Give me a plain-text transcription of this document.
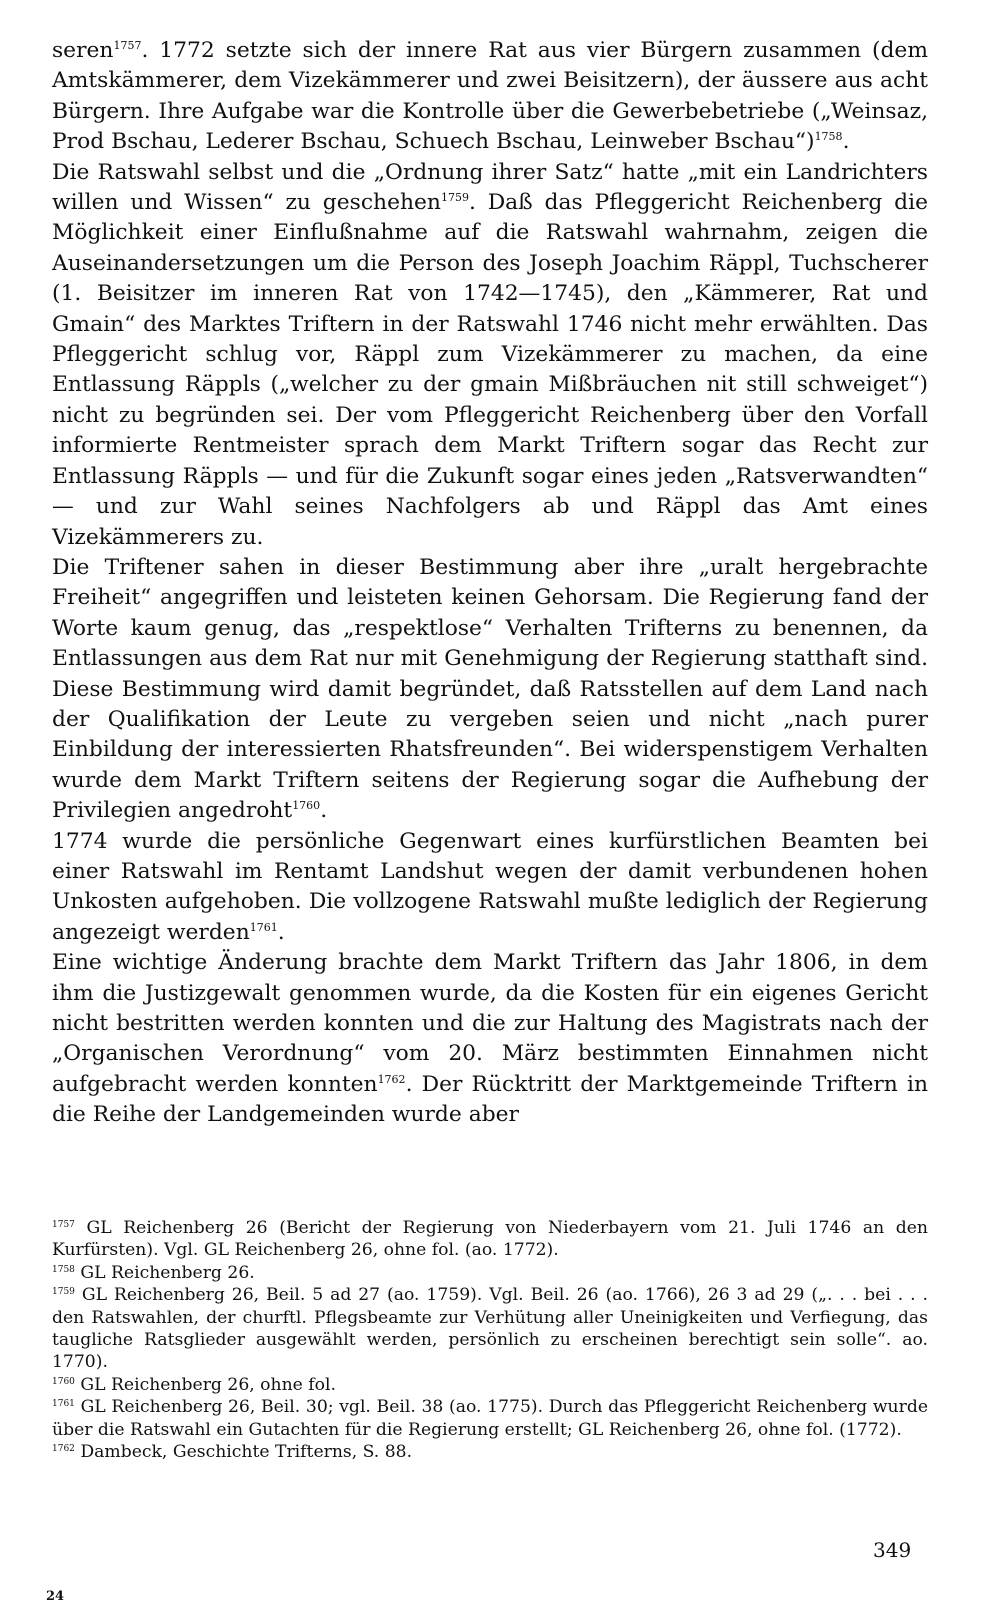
seren$^{1757}$. 1772 setzte sich der innere Rat aus vier Bürgern zusammen (dem Amtskämmerer, dem Vizekämmerer und zwei Beisitzern), der äussere aus acht Bürgern. Ihre Aufgabe war die Kontrolle über die Gewerbebetriebe („Weinsaz, Prod Bschau, Lederer Bschau, Schuech Bschau, Leinweber Bschau“)$^{1758}$.

Die Ratswahl selbst und die „Ordnung ihrer Satz“ hatte „mit ein Landrichters willen und Wissen“ zu geschehen$^{1759}$. Daß das Pfleggericht Reichenberg die Möglichkeit einer Einflußnahme auf die Ratswahl wahrnahm, zeigen die Auseinandersetzungen um die Person des Joseph Joachim Räppl, Tuchscherer (1. Beisitzer im inneren Rat von 1742—1745), den „Kämmerer, Rat und Gmain“ des Marktes Triftern in der Ratswahl 1746 nicht mehr erwählten. Das Pfleggericht schlug vor, Räppl zum Vizekämmerer zu machen, da eine Entlassung Räppls („welcher zu der gmain Mißbräuchen nit still schweiget“) nicht zu begründen sei. Der vom Pfleggericht Reichenberg über den Vorfall informierte Rentmeister sprach dem Markt Triftern sogar das Recht zur Entlassung Räppls — und für die Zukunft sogar eines jeden „Ratsverwandten“ — und zur Wahl seines Nachfolgers ab und Räppl das Amt eines Vizekämmerers zu.

Die Triftener sahen in dieser Bestimmung aber ihre „uralt hergebrachte Freiheit“ angegriffen und leisteten keinen Gehorsam. Die Regierung fand der Worte kaum genug, das „respektlose“ Verhalten Trifterns zu benennen, da Entlassungen aus dem Rat nur mit Genehmigung der Regierung statthaft sind. Diese Bestimmung wird damit begründet, daß Ratsstellen auf dem Land nach der Qualifikation der Leute zu vergeben seien und nicht „nach purer Einbildung der interessierten Rhatsfreunden“. Bei widerspenstigem Verhalten wurde dem Markt Triftern seitens der Regierung sogar die Aufhebung der Privilegien angedroht$^{1760}$.

1774 wurde die persönliche Gegenwart eines kurfürstlichen Beamten bei einer Ratswahl im Rentamt Landshut wegen der damit verbundenen hohen Unkosten aufgehoben. Die vollzogene Ratswahl mußte lediglich der Regierung angezeigt werden$^{1761}$.

Eine wichtige Änderung brachte dem Markt Triftern das Jahr 1806, in dem ihm die Justizgewalt genommen wurde, da die Kosten für ein eigenes Gericht nicht bestritten werden konnten und die zur Haltung des Magistrats nach der „Organischen Verordnung“ vom 20. März bestimmten Einnahmen nicht aufgebracht werden konnten$^{1762}$. Der Rücktritt der Marktgemeinde Triftern in die Reihe der Landgemeinden wurde aber

$^{1757}$ GL Reichenberg 26 (Bericht der Regierung von Niederbayern vom 21. Juli 1746 an den Kurfürsten). Vgl. GL Reichenberg 26, ohne fol. (ao. 1772).

$^{1758}$ GL Reichenberg 26.

$^{1759}$ GL Reichenberg 26, Beil. 5 ad 27 (ao. 1759). Vgl. Beil. 26 (ao. 1766), 26 3 ad 29 („. . . bei . . . den Ratswahlen, der churftl. Pflegsbeamte zur Verhütung aller Uneinigkeiten und Verfiegung, das taugliche Ratsglieder ausgewählt werden, persönlich zu erscheinen berechtigt sein solle“. ao. 1770).

$^{1760}$ GL Reichenberg 26, ohne fol.

$^{1761}$ GL Reichenberg 26, Beil. 30; vgl. Beil. 38 (ao. 1775). Durch das Pfleggericht Reichenberg wurde über die Ratswahl ein Gutachten für die Regierung erstellt; GL Reichenberg 26, ohne fol. (1772).

$^{1762}$ Dambeck, Geschichte Trifterns, S. 88.

349
24
